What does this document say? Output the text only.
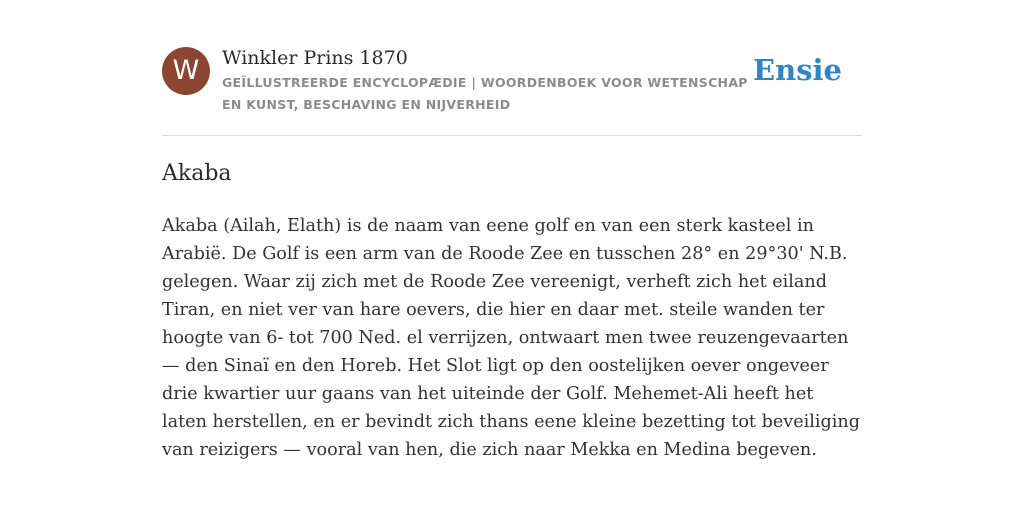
W	Winkler Prins 1870
GEÏLLUSTREERDE ENCYCLOPÆDIE | WOORDENBOEK VOOR WETENSCHAP EN KUNST, BESCHAVING EN NIJVERHEID
Ensie
Akaba

Akaba (Ailah, Elath) is de naam van eene golf en van een sterk kasteel in Arabië. De Golf is een arm van de Roode Zee en tusschen 28° en 29°30' N.B. gelegen. Waar zij zich met de Roode Zee vereenigt, verheft zich het eiland Tiran, en niet ver van hare oevers, die hier en daar met. steile wanden ter hoogte van 6- tot 700 Ned. el verrijzen, ontwaart men twee reuzengevaarten — den Sinaï en den Horeb. Het Slot ligt op den oostelijken oever ongeveer drie kwartier uur gaans van het uiteinde der Golf. Mehemet-Ali heeft het laten herstellen, en er bevindt zich thans eene kleine bezetting tot beveiliging van reizigers — vooral van hen, die zich naar Mekka en Medina begeven.
